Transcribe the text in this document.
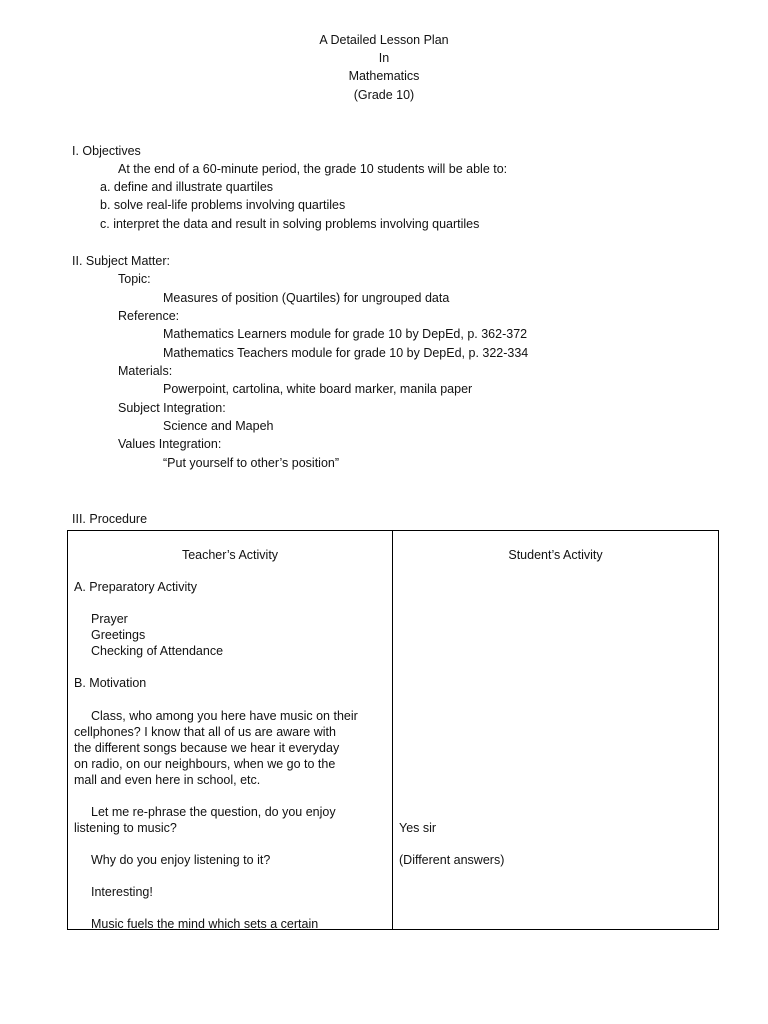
A Detailed Lesson Plan
In
Mathematics
(Grade 10)
I. Objectives
At the end of a 60-minute period, the grade 10 students will be able to:
a. define and illustrate quartiles
b. solve real-life problems involving quartiles
c. interpret the data and result in solving problems involving quartiles
II. Subject Matter:
Topic:
Measures of position (Quartiles) for ungrouped data
Reference:
Mathematics Learners module for grade 10 by DepEd, p. 362-372
Mathematics Teachers module for grade 10 by DepEd, p. 322-334
Materials:
Powerpoint, cartolina, white board marker, manila paper
Subject Integration:
Science and Mapeh
Values Integration:
“Put yourself to other’s position”
III. Procedure
Teacher’s Activity
A. Preparatory Activity
Prayer
Greetings
Checking of Attendance
B. Motivation
Class, who among you here have music on their
cellphones? I know that all of us are aware with
the different songs because we hear it everyday
on radio, on our neighbours, when we go to the
mall and even here in school, etc.
Let me re-phrase the question, do you enjoy
listening to music?
Why do you enjoy listening to it?
Interesting!
Music fuels the mind which sets a certain
Student’s Activity
Yes sir
(Different answers)
